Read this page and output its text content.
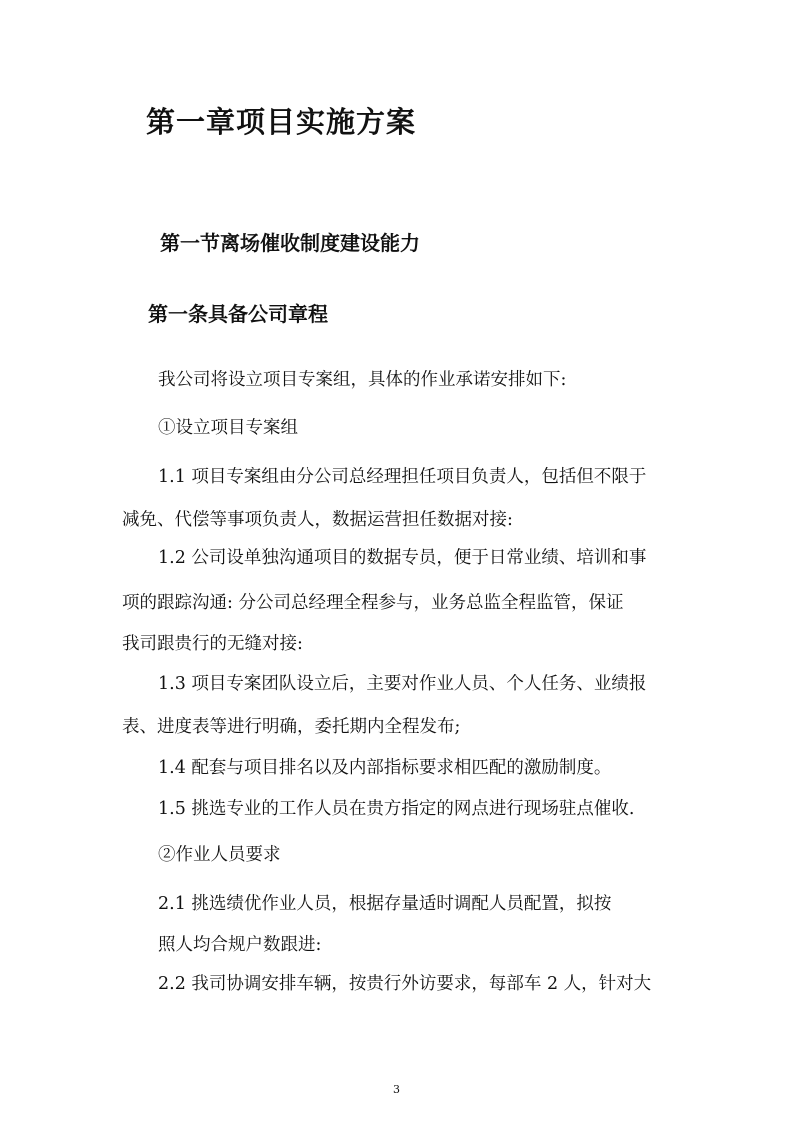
第一章项目实施方案
第一节离场催收制度建设能力
第一条具备公司章程
我公司将设立项目专案组，具体的作业承诺安排如下:
①设立项目专案组
1.1 项目专案组由分公司总经理担任项目负责人，包括但不限于
减免、代偿等事项负责人，数据运营担任数据对接:
1.2 公司设单独沟通项目的数据专员，便于日常业绩、培训和事
项的跟踪沟通: 分公司总经理全程参与，业务总监全程监管，保证
我司跟贵行的无缝对接:
1.3 项目专案团队设立后，主要对作业人员、个人任务、业绩报
表、进度表等进行明确，委托期内全程发布;
1.4 配套与项目排名以及内部指标要求相匹配的激励制度。
1.5 挑选专业的工作人员在贵方指定的网点进行现场驻点催收.
②作业人员要求
2.1 挑选绩优作业人员，根据存量适时调配人员配置，拟按
照人均合规户数跟进:
2.2 我司协调安排车辆，按贵行外访要求，每部车 2 人，针对大
3
